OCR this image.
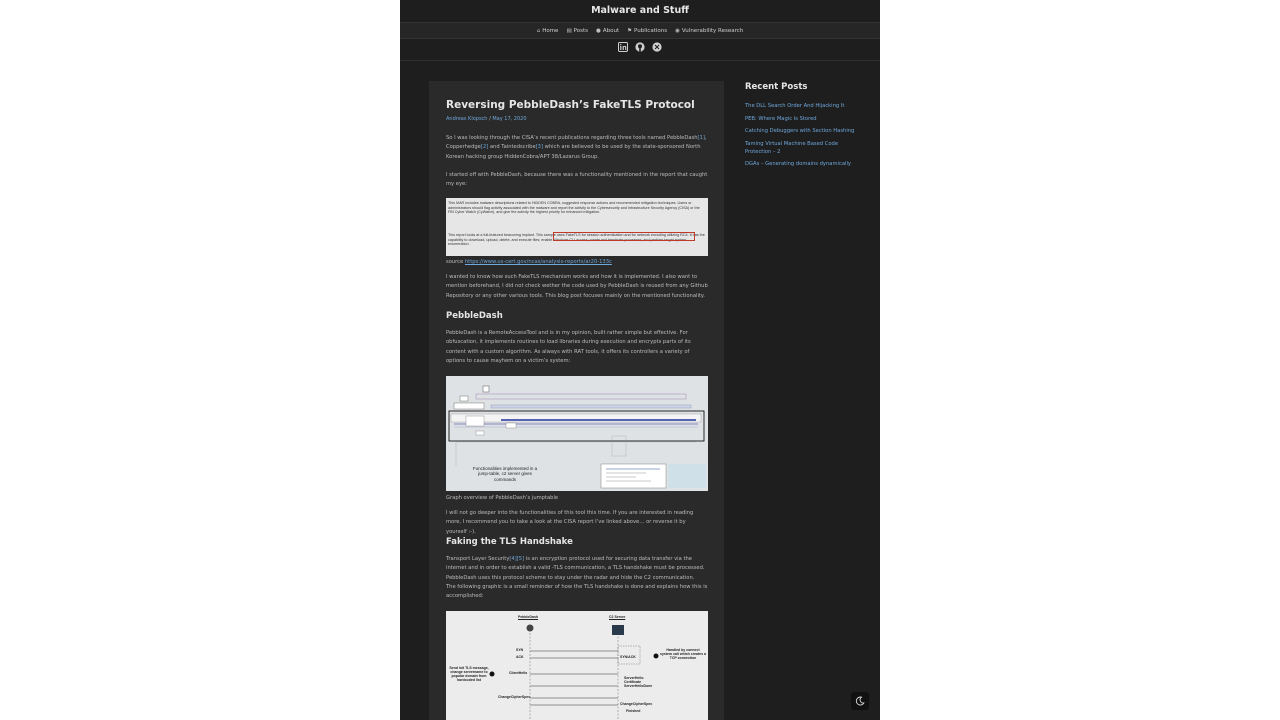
Malware and Stuff
⌂ Home ▤ Posts ● About ⚑ Publications ◉ Vulnerability Research
Reversing PebbleDash’s FakeTLS Protocol
Andreas Klopsch / May 17, 2020
So I was looking through the CISA’s recent publications regarding three tools named PebbleDash[1], Copperhedge[2] and Taintedscribe[3] which are believed to be used by the state-sponsored North Korean hacking group HiddenCobra/APT 38/Lazarus Group.
I started off with PebbleDash, because there was a functionality mentioned in the report that caught my eye:
This MAR includes malware descriptions related to HIDDEN COBRA, suggested response actions and recommended mitigation techniques. Users or administrators should flag activity associated with the malware and report the activity to the Cybersecurity and Infrastructure Security Agency (CISA) or the FBI Cyber Watch (CyWatch), and give the activity the highest priority for enhanced mitigation.
This report looks at a full-featured beaconing implant. This sample uses FakeTLS for session authentication and for network encoding utilizing RC4. It has the capability to download, upload, delete, and execute files; enable Windows CLI access; create and terminate processes; and perform target system enumeration.
source https://www.us-cert.gov/ncas/analysis-reports/ar20-133c
I wanted to know how such FakeTLS mechanism works and how it is implemented. I also want to mention beforehand, I did not check wether the code used by PebbleDash is reused from any Github Repository or any other various tools. This blog post focuses mainly on the mentioned functionality.
PebbleDash
PebbleDash is a RemoteAccessTool and is in my opinion, built rather simple but effective. For obfuscation, it implements routines to load libraries during execution and encrypts parts of its content with a custom algorithm. As always with RAT tools, it offers its controllers a variety of options to cause mayhem on a victim’s system:
Functionalities implemented in a jump-table, c2 server gives commands
Graph overview of PebbleDash’s jumptable
I will not go deeper into the functionalities of this tool this time. If you are interested in reading more, I recommend you to take a look at the CISA report I’ve linked above… or reverse it by yourself :-).
Faking the TLS Handshake
Transport Layer Security[4][5] is an encryption protocol used for securing data transfer via the internet and in order to establish a valid -TLS communication, a TLS handshake must be processed. PebbleDash uses this protocol scheme to stay under the radar and hide the C2 communication.
The following graphic is a small reminder of how the TLS handshake is done and explains how this is accomplished:
PebbleDash	C2 Server
SYN
ACK	SYN/ACK
Handled by connect system call which creates a TCP connection
Send init TLS message, change servername to popular domain from hardcoded list
ClientHello
ServerHello Certificate ServerHelloDone
ChangeCipherSpec
ChangeCipherSpec
Finished
Recent Posts
The DLL Search Order And Hijacking It
PEB: Where Magic Is Stored
Catching Debuggers with Section Hashing
Taming Virtual Machine Based Code Protection – 2
DGAs – Generating domains dynamically
